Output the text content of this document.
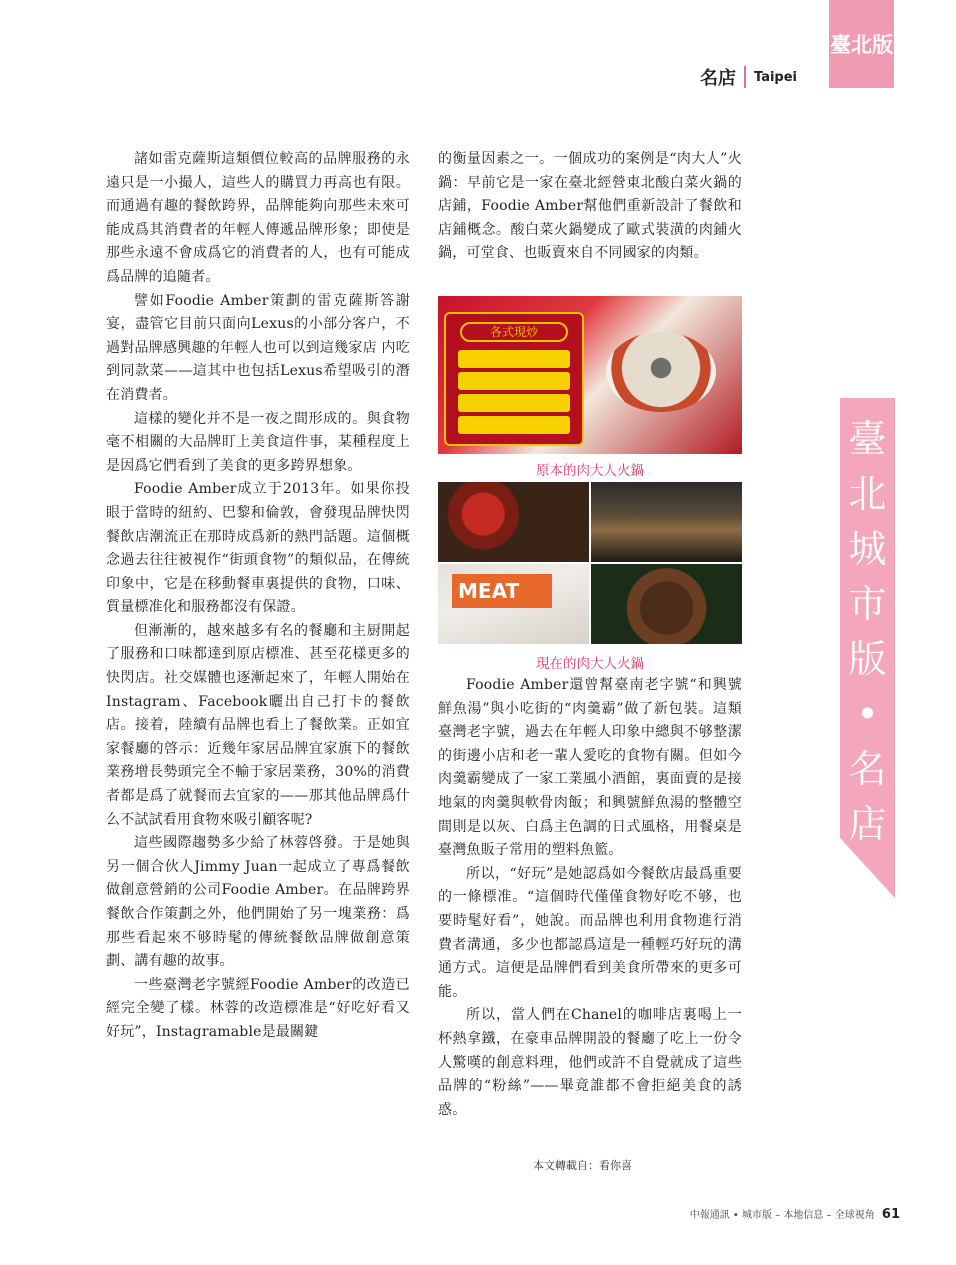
臺北版
名店 Taipei
臺
北
城
市
版
•
名
店

諸如雷克薩斯這類價位較高的品牌服務的永遠只是一小撮人，這些人的購買力再高也有限。而通過有趣的餐飲跨界，品牌能夠向那些未來可能成爲其消費者的年輕人傳遞品牌形象；即使是那些永遠不會成爲它的消費者的人，也有可能成爲品牌的追隨者。

譬如Foodie Amber策劃的雷克薩斯答謝宴，盡管它目前只面向Lexus的小部分客户，不過對品牌感興趣的年輕人也可以到這幾家店 内吃到同款菜——這其中也包括Lexus希望吸引的潛在消費者。

這樣的變化并不是一夜之間形成的。與食物毫不相關的大品牌盯上美食這件事，某種程度上是因爲它們看到了美食的更多跨界想象。

Foodie Amber成立于2013年。如果你投眼于當時的紐約、巴黎和倫敦，會發現品牌快閃餐飲店潮流正在那時成爲新的熱門話題。這個概念過去往往被視作“街頭食物”的類似品，在傳統印象中，它是在移動餐車裏提供的食物，口味、質量標准化和服務都沒有保證。

但漸漸的，越來越多有名的餐廳和主厨開起了服務和口味都達到原店標准、甚至花樣更多的快閃店。社交媒體也逐漸起來了，年輕人開始在Instagram、Facebook曬出自己打卡的餐飲店。接着，陸續有品牌也看上了餐飲業。正如宜家餐廳的啓示：近幾年家居品牌宜家旗下的餐飲業務增長勢頭完全不輸于家居業務，30%的消費者都是爲了就餐而去宜家的——那其他品牌爲什么不試試看用食物來吸引顧客呢?

這些國際趨勢多少給了林蓉啓發。于是她與另一個合伙人Jimmy Juan一起成立了專爲餐飲做創意營銷的公司Foodie Amber。在品牌跨界餐飲合作策劃之外，他們開始了另一塊業務：爲那些看起來不够時髦的傳統餐飲品牌做創意策劃、講有趣的故事。

一些臺灣老字號經Foodie Amber的改造已經完全變了樣。林蓉的改造標准是“好吃好看又好玩”，Instagramable是最關鍵

的衡量因素之一。一個成功的案例是“肉大人”火鍋：早前它是一家在臺北經營東北酸白菜火鍋的店鋪，Foodie Amber幫他們重新設計了餐飲和店鋪概念。酸白菜火鍋變成了歐式裝潢的肉鋪火鍋，可堂食、也販賣來自不同國家的肉類。

各式現炒
原本的肉大人火鍋
MEAT
現在的肉大人火鍋

Foodie Amber還曾幫臺南老字號“和興號鮮魚湯”與小吃街的“肉羹霸”做了新包裝。這類臺灣老字號，過去在年輕人印象中總與不够整潔的街邊小店和老一輩人愛吃的食物有關。但如今肉羹霸變成了一家工業風小酒館，裏面賣的是接地氣的肉羹與軟骨肉飯；和興號鮮魚湯的整體空間則是以灰、白爲主色調的日式風格，用餐桌是臺灣魚販子常用的塑料魚籃。

所以，“好玩”是她認爲如今餐飲店最爲重要的一條標准。“這個時代僅僅食物好吃不够，也要時髦好看”，她說。而品牌也利用食物進行消費者溝通，多少也都認爲這是一種輕巧好玩的溝通方式。這便是品牌們看到美食所帶來的更多可能。

所以，當人們在Chanel的咖啡店裏喝上一杯熱拿鐵，在豪車品牌開設的餐廳了吃上一份令人驚嘆的創意料理，他們或許不自覺就成了這些品牌的“粉絲”——畢竟誰都不會拒絕美食的誘惑。

本文轉載自：看你喜
中報通訊 • 城市版 – 本地信息 – 全球視角 61
